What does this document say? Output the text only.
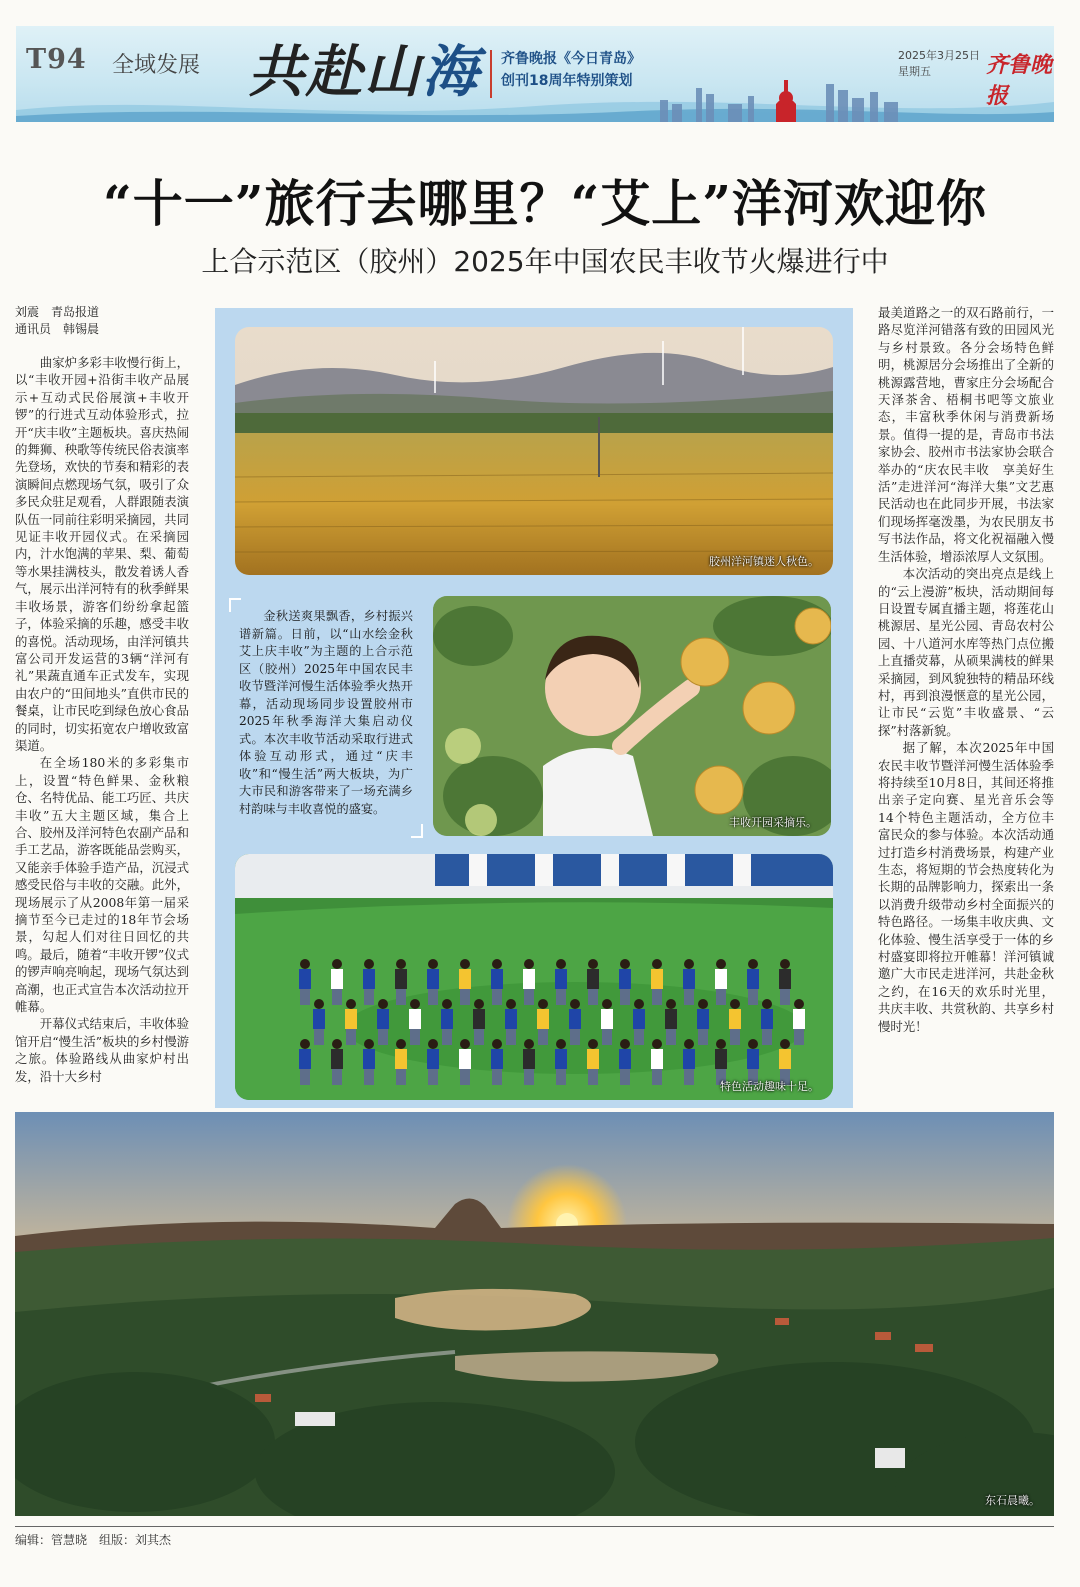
T94 全域发展 共赴山海 齐鲁晚报《今日青岛》
创刊18周年特别策划
2025年3月25日
星期五	齐鲁晚报
“十一”旅行去哪里？“艾上”洋河欢迎你
上合示范区（胶州）2025年中国农民丰收节火爆进行中
刘震　青岛报道
通讯员　韩锡晨

曲家炉多彩丰收慢行街上，以“丰收开园+沿街丰收产品展示+互动式民俗展演+丰收开锣”的行进式互动体验形式，拉开“庆丰收”主题板块。喜庆热闹的舞狮、秧歌等传统民俗表演率先登场，欢快的节奏和精彩的表演瞬间点燃现场气氛，吸引了众多民众驻足观看，人群跟随表演队伍一同前往彩明采摘园，共同见证丰收开园仪式。在采摘园内，汁水饱满的苹果、梨、葡萄等水果挂满枝头，散发着诱人香气，展示出洋河特有的秋季鲜果丰收场景，游客们纷纷拿起篮子，体验采摘的乐趣，感受丰收的喜悦。活动现场，由洋河镇共富公司开发运营的3辆“洋河有礼”果蔬直通车正式发车，实现由农户的“田间地头”直供市民的餐桌，让市民吃到绿色放心食品的同时，切实拓宽农户增收致富渠道。

在全场180米的多彩集市上，设置“特色鲜果、金秋粮仓、名特优品、能工巧匠、共庆丰收”五大主题区域，集合上合、胶州及洋河特色农副产品和手工艺品，游客既能品尝购买，又能亲手体验手造产品，沉浸式感受民俗与丰收的交融。此外，现场展示了从2008年第一届采摘节至今已走过的18年节会场景，勾起人们对往日回忆的共鸣。最后，随着“丰收开锣”仪式的锣声响亮响起，现场气氛达到高潮，也正式宣告本次活动拉开帷幕。

开幕仪式结束后，丰收体验馆开启“慢生活”板块的乡村慢游之旅。体验路线从曲家炉村出发，沿十大乡村

胶州洋河镇迷人秋色。

金秋送爽果飘香，乡村振兴谱新篇。日前，以“山水绘金秋　艾上庆丰收”为主题的上合示范区（胶州）2025年中国农民丰收节暨洋河慢生活体验季火热开幕，活动现场同步设置胶州市2025年秋季海洋大集启动仪式。本次丰收节活动采取行进式体验互动形式，通过“庆丰收”和“慢生活”两大板块，为广大市民和游客带来了一场充满乡村韵味与丰收喜悦的盛宴。

丰收开园采摘乐。
特色活动趣味十足。

最美道路之一的双石路前行，一路尽览洋河错落有致的田园风光与乡村景致。各分会场特色鲜明，桃源居分会场推出了全新的桃源露营地，曹家庄分会场配合天泽茶舍、梧桐书吧等文旅业态，丰富秋季休闲与消费新场景。值得一提的是，青岛市书法家协会、胶州市书法家协会联合举办的“庆农民丰收　享美好生活”走进洋河“海洋大集”文艺惠民活动也在此同步开展，书法家们现场挥毫泼墨，为农民朋友书写书法作品，将文化祝福融入慢生活体验，增添浓厚人文氛围。

本次活动的突出亮点是线上的“云上漫游”板块，活动期间每日设置专属直播主题，将莲花山桃源居、星光公园、青岛农村公园、十八道河水库等热门点位搬上直播荧幕，从硕果满枝的鲜果采摘园，到风貌独特的精品环线村，再到浪漫惬意的星光公园，让市民“云览”丰收盛景、“云探”村落新貌。

据了解，本次2025年中国农民丰收节暨洋河慢生活体验季将持续至10月8日，其间还将推出亲子定向赛、星光音乐会等14个特色主题活动，全方位丰富民众的参与体验。本次活动通过打造乡村消费场景，构建产业生态，将短期的节会热度转化为长期的品牌影响力，探索出一条以消费升级带动乡村全面振兴的特色路径。一场集丰收庆典、文化体验、慢生活享受于一体的乡村盛宴即将拉开帷幕！洋河镇诚邀广大市民走进洋河，共赴金秋之约，在16天的欢乐时光里，共庆丰收、共赏秋韵、共享乡村慢时光！

东石晨曦。
编辑：管慧晓　组版：刘其杰
